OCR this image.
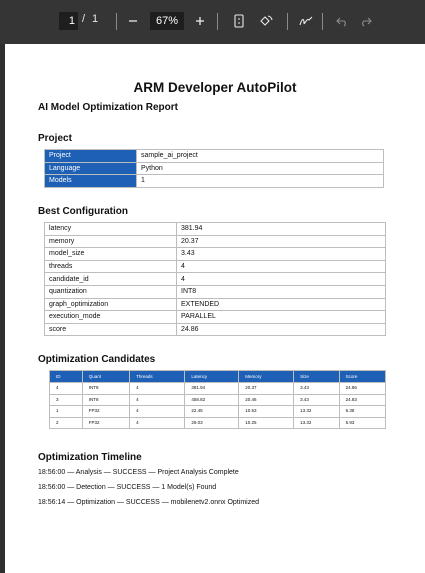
1 / 1	67%
ARM Developer AutoPilot
AI Model Optimization Report
Project
Project	sample_ai_project
Language	Python
Models	1
Best Configuration
latency	381.94
memory	20.37
model_size	3.43
threads	4
candidate_id	4
quantization	INT8
graph_optimization	EXTENDED
execution_mode	PARALLEL
score	24.86
Optimization Candidates
ID	Quant	Threads	Latency	Memory	Size	Score
4	INT8	4	381.94	20.37	3.43	24.86
3	INT8	4	458.82	20.46	3.43	24.83
1	FP32	4	22.45	10.53	13.32	6.38
2	FP32	4	29.03	10.25	13.32	5.93
Optimization Timeline
18:56:00 — Analysis — SUCCESS — Project Analysis Complete
18:56:00 — Detection — SUCCESS — 1 Model(s) Found
18:56:14 — Optimization — SUCCESS — mobilenetv2.onnx Optimized
